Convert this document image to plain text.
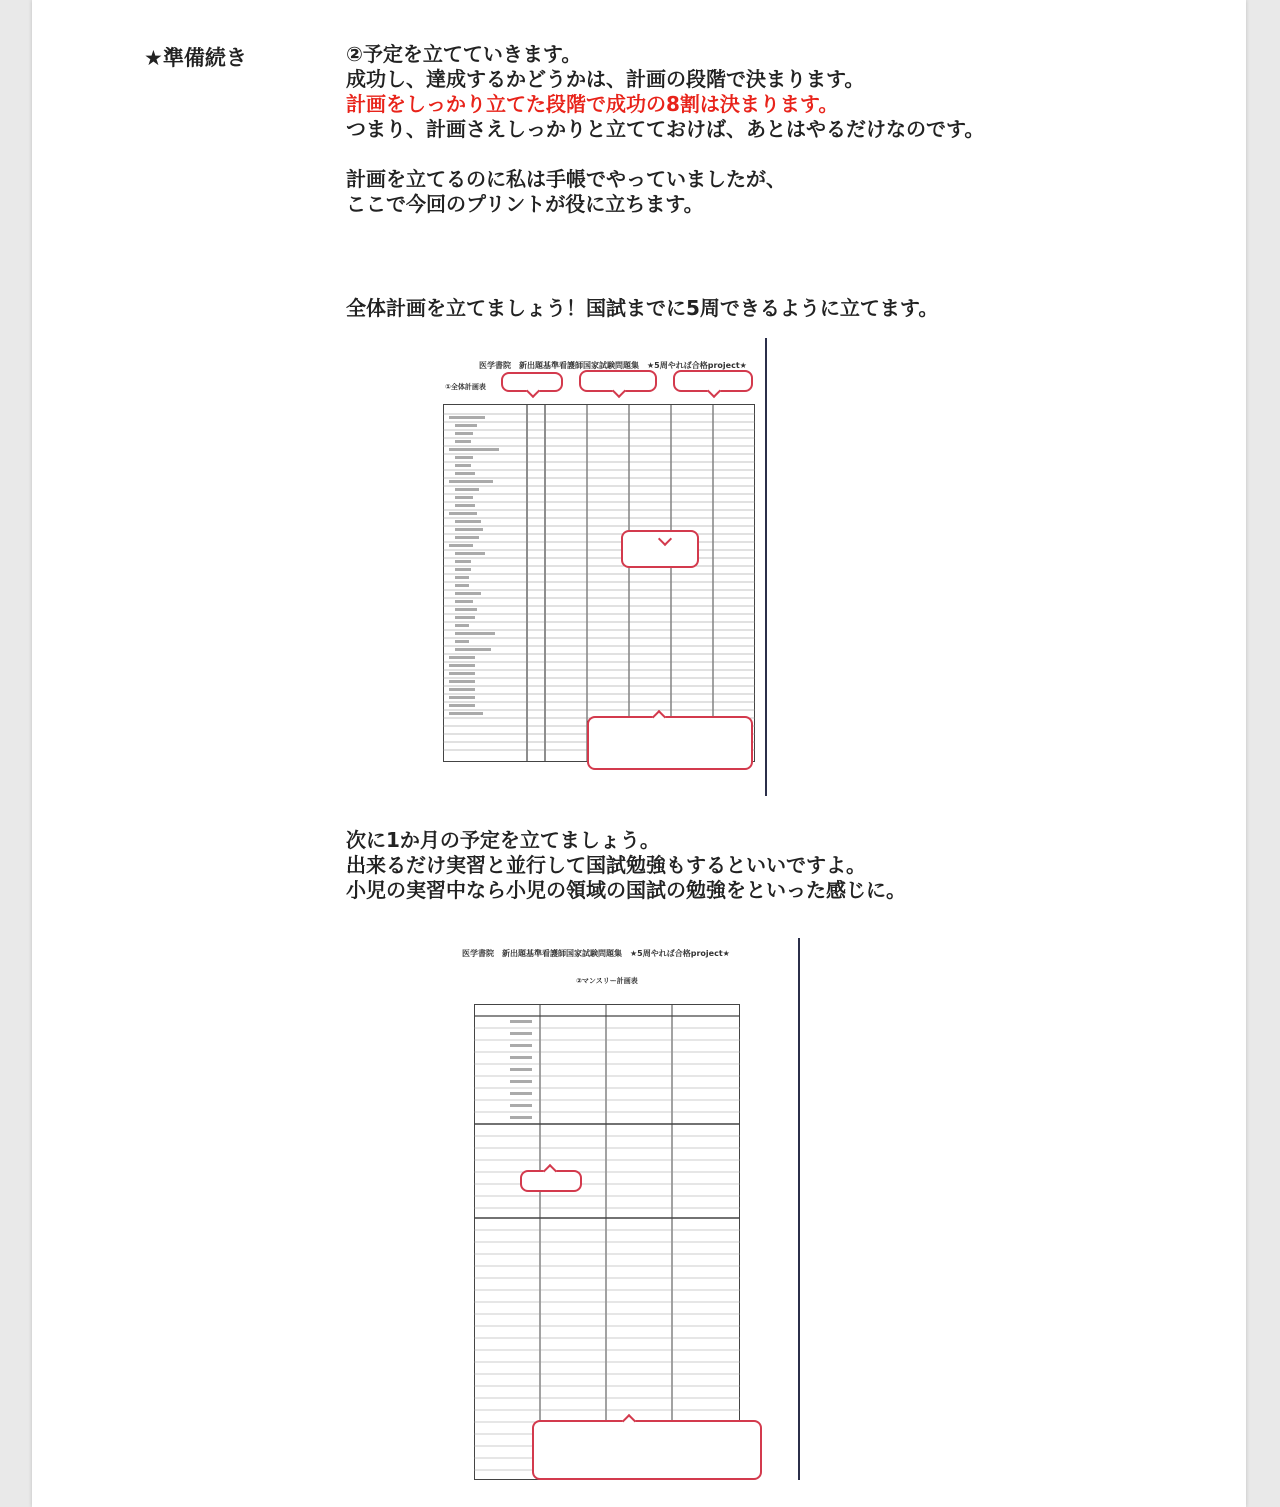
★準備続き	②予定を立てていきます。
成功し、達成するかどうかは、計画の段階で決まります。
計画をしっかり立てた段階で成功の8割は決まります。
つまり、計画さえしっかりと立てておけば、あとはやるだけなのです。
計画を立てるのに私は手帳でやっていましたが、
ここで今回のプリントが役に立ちます。
全体計画を立てましょう！国試までに5周できるように立てます。
医学書院　新出題基準看護師国家試験問題集　★5周やれば合格project★
①全体計画表
次に1か月の予定を立てましょう。
出来るだけ実習と並行して国試勉強もするといいですよ。
小児の実習中なら小児の領域の国試の勉強をといった感じに。
医学書院　新出題基準看護師国家試験問題集　★5周やれば合格project★
②マンスリー計画表
